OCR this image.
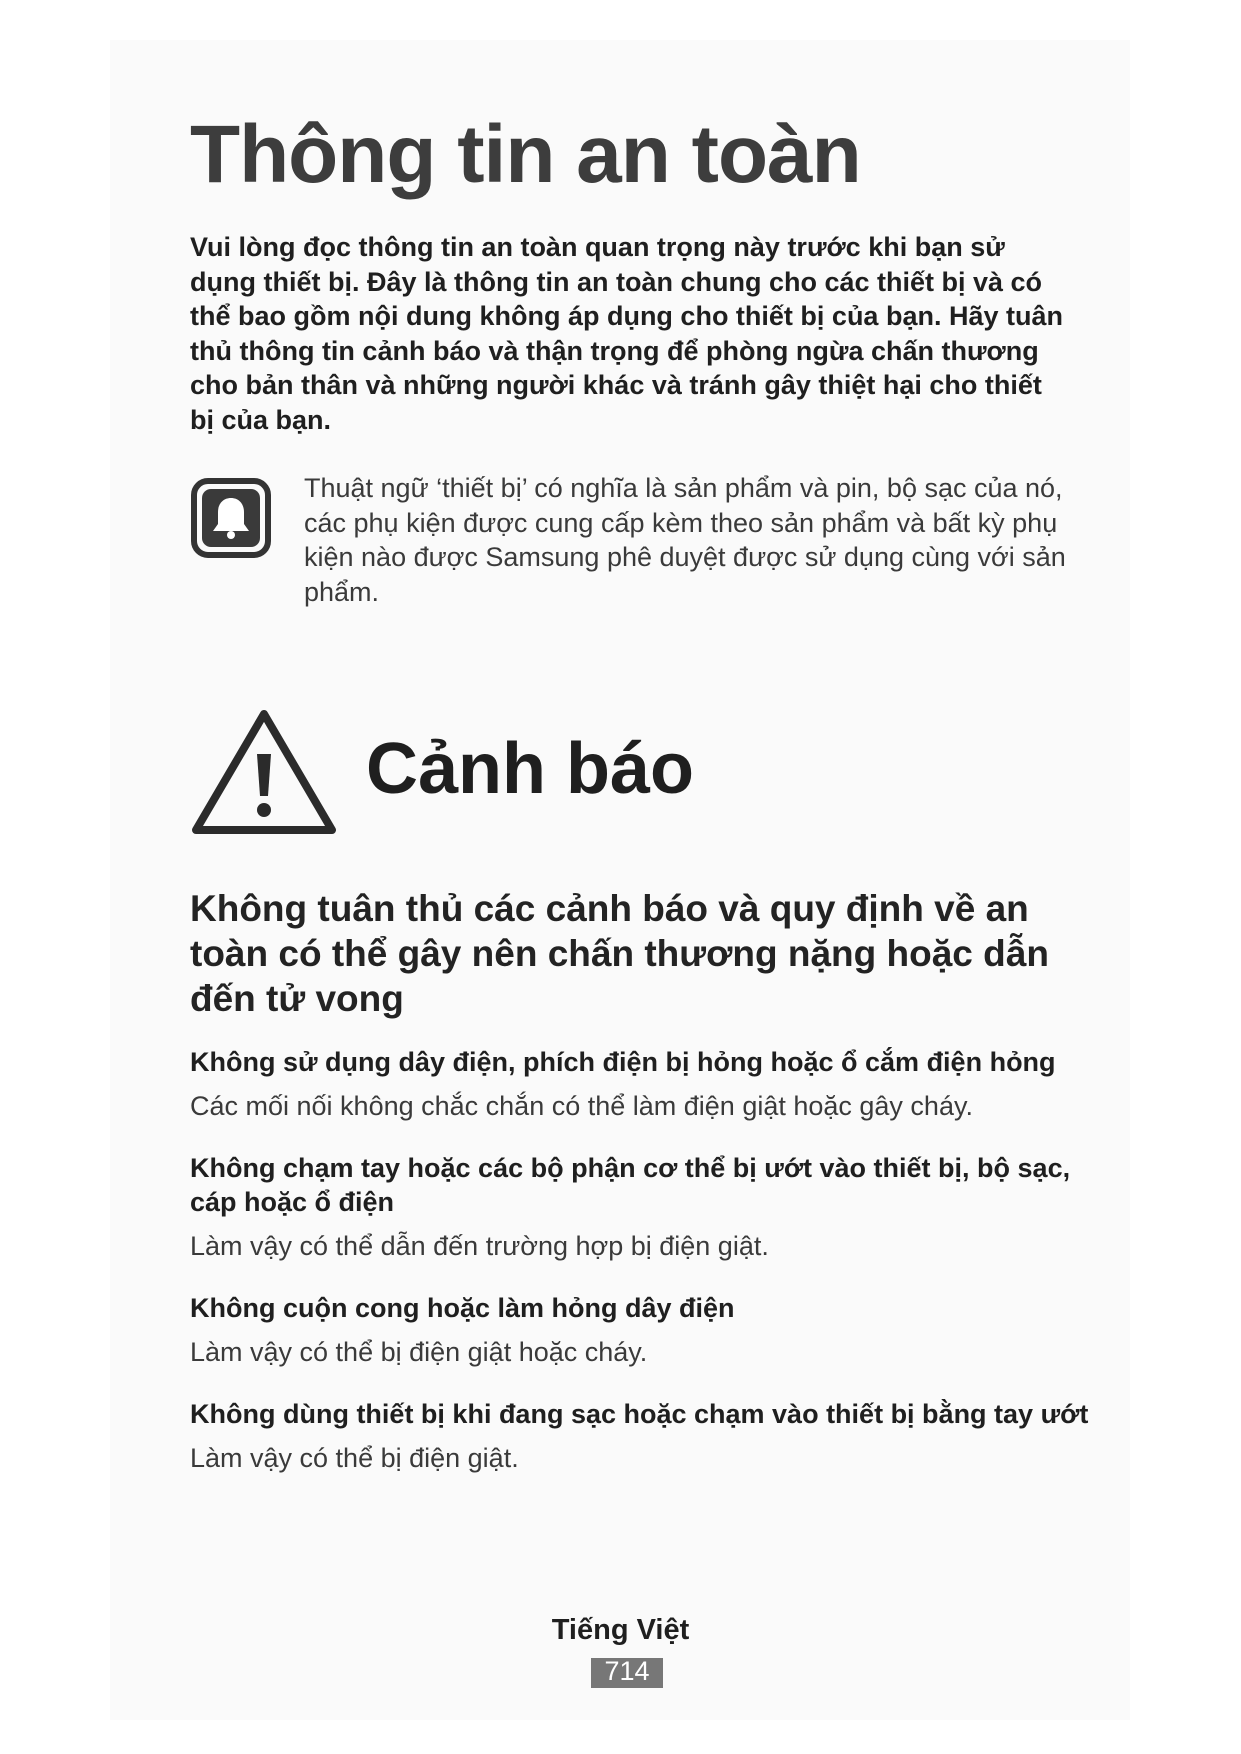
Thông tin an toàn

Vui lòng đọc thông tin an toàn quan trọng này trước khi bạn sử dụng thiết bị. Đây là thông tin an toàn chung cho các thiết bị và có thể bao gồm nội dung không áp dụng cho thiết bị của bạn. Hãy tuân thủ thông tin cảnh báo và thận trọng để phòng ngừa chấn thương cho bản thân và những người khác và tránh gây thiệt hại cho thiết bị của bạn.

Thuật ngữ ‘thiết bị’ có nghĩa là sản phẩm và pin, bộ sạc của nó, các phụ kiện được cung cấp kèm theo sản phẩm và bất kỳ phụ kiện nào được Samsung phê duyệt được sử dụng cùng với sản phẩm.

Cảnh báo
Không tuân thủ các cảnh báo và quy định về an toàn có thể gây nên chấn thương nặng hoặc dẫn đến tử vong
Không sử dụng dây điện, phích điện bị hỏng hoặc ổ cắm điện hỏng
Các mối nối không chắc chắn có thể làm điện giật hoặc gây cháy.
Không chạm tay hoặc các bộ phận cơ thể bị ướt vào thiết bị, bộ sạc, cáp hoặc ổ điện
Làm vậy có thể dẫn đến trường hợp bị điện giật.
Không cuộn cong hoặc làm hỏng dây điện
Làm vậy có thể bị điện giật hoặc cháy.
Không dùng thiết bị khi đang sạc hoặc chạm vào thiết bị bằng tay ướt
Làm vậy có thể bị điện giật.
Tiếng Việt
714
